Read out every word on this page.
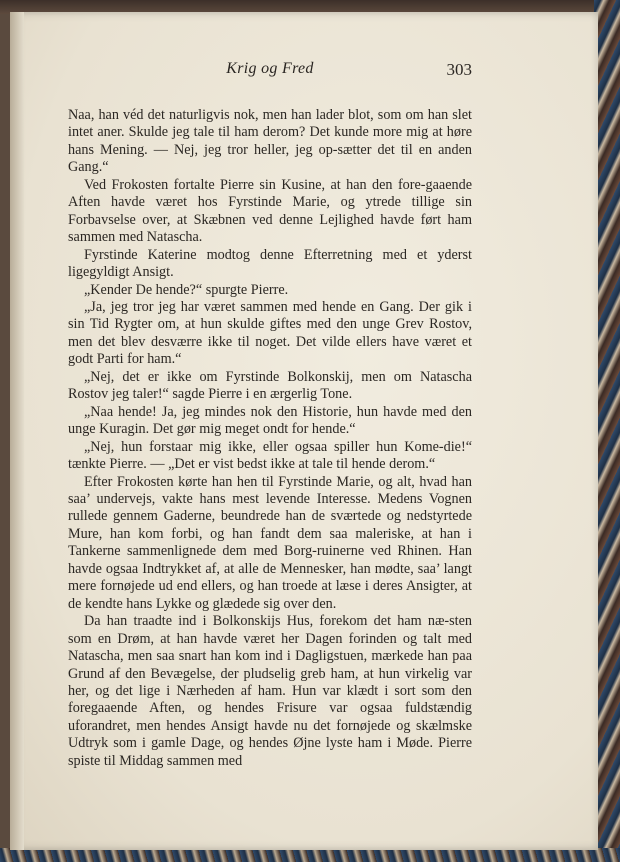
Krig og Fred	303

Naa, han véd det naturligvis nok, men han lader blot, som om han slet intet aner. Skulde jeg tale til ham derom? Det kunde more mig at høre hans Mening. — Nej, jeg tror heller, jeg op-sætter det til en anden Gang.“

Ved Frokosten fortalte Pierre sin Kusine, at han den fore-gaaende Aften havde været hos Fyrstinde Marie, og ytrede tillige sin Forbavselse over, at Skæbnen ved denne Lejlighed havde ført ham sammen med Natascha.

Fyrstinde Katerine modtog denne Efterretning med et yderst ligegyldigt Ansigt.

„Kender De hende?“ spurgte Pierre.

„Ja, jeg tror jeg har været sammen med hende en Gang. Der gik i sin Tid Rygter om, at hun skulde giftes med den unge Grev Rostov, men det blev desværre ikke til noget. Det vilde ellers have været et godt Parti for ham.“

„Nej, det er ikke om Fyrstinde Bolkonskij, men om Natascha Rostov jeg taler!“ sagde Pierre i en ærgerlig Tone.

„Naa hende! Ja, jeg mindes nok den Historie, hun havde med den unge Kuragin. Det gør mig meget ondt for hende.“

„Nej, hun forstaar mig ikke, eller ogsaa spiller hun Kome-die!“ tænkte Pierre. — „Det er vist bedst ikke at tale til hende derom.“

Efter Frokosten kørte han hen til Fyrstinde Marie, og alt, hvad han saa’ undervejs, vakte hans mest levende Interesse. Medens Vognen rullede gennem Gaderne, beundrede han de sværtede og nedstyrtede Mure, han kom forbi, og han fandt dem saa maleriske, at han i Tankerne sammenlignede dem med Borg-ruinerne ved Rhinen. Han havde ogsaa Indtrykket af, at alle de Mennesker, han mødte, saa’ langt mere fornøjede ud end ellers, og han troede at læse i deres Ansigter, at de kendte hans Lykke og glædede sig over den.

Da han traadte ind i Bolkonskijs Hus, forekom det ham næ-sten som en Drøm, at han havde været her Dagen forinden og talt med Natascha, men saa snart han kom ind i Dagligstuen, mærkede han paa Grund af den Bevægelse, der pludselig greb ham, at hun virkelig var her, og det lige i Nærheden af ham. Hun var klædt i sort som den foregaaende Aften, og hendes Frisure var ogsaa fuldstændig uforandret, men hendes Ansigt havde nu det fornøjede og skælmske Udtryk som i gamle Dage, og hendes Øjne lyste ham i Møde. Pierre spiste til Middag sammen med
